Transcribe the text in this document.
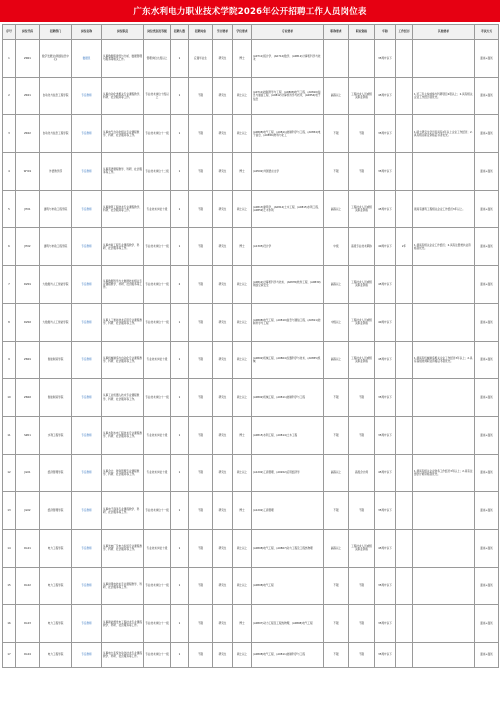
广东水利电力职业技术学院2026年公开招聘工作人员岗位表
序号	岗位代码	招聘部门	岗位名称	岗位职责	岗位类别及等级	招聘人数	招聘对象	学历要求	学位要求	专业要求	职称要求	职业资格	年龄	工作经历	其他要求	考试方式
1	ZR01	数字发展处(网络信息中心)	数据员	从事数据库建设与分析、数据管理与服务等相关工作。	管理岗位九级以上	1	应届毕业生	研究生	博士	(A0711)统计学、(A0712)数学、(A0812)计算机科学与技术			35周岁以下			面谈+面试
2	ZK01	自动化与信息工程学院	专任教师	从事自动化类相关专业课程教学、科研、社会服务等工作。	专业技术岗位十级以上	1	不限	研究生	硕士以上	(A0711)控制科学与工程、(A0808)电气工程、(A0810)信息与通信工程、(A0812)计算机科学与技术、(A0854)电子信息	副高以上	工程技术人员或相关职业资格	45周岁以下		1.近三年主持或参与科研项目2项以上；2.具有相关企业工作经历者优先。	面谈+面试
3	ZK02	自动化与信息工程学院	专任教师	从事电气自动化相关专业课程教学、科研、社会服务等工作。	专业技术岗位十一级	1	不限	研究生	硕士以上	(A0808)电气工程、(A0811)控制科学与工程、(A0854)电子信息、(A0856)材料与化工	不限	不限	35周岁以下		1.硕士研究生学历需具有2年以上企业工作经历；2.具有相关职业资格证书者优先。	面谈+面试
4	WY01	外语教学部	专任教师	从事英语课程教学、科研、社会服务等工作。	专业技术岗位十二级	1	不限	研究生	博士	(A0502)外国语言文学	不限	不限	35周岁以下			面谈+面试
5	JH01	建筑与市政工程学院	专任教师	从事建筑工程技术专业课程教学、科研、社会服务等工作。	专业技术岗位十级	1	不限	研究生	硕士以上	(A0813)建筑学、(A0814)土木工程、(A0815)水利工程、(A0859)土木水利	副高以上	工程技术人员或相关职业资格	45周岁以下		须具有建筑工程相关企业工作经历3年以上。	面谈+面试
6	JH02	建筑与市政工程学院	专任教师	从事市政工程专业课程教学、科研、社会服务等工作。	专业技术岗位十一级	1	不限	研究生	博士	(A1305)设计学	中级	高级专业技术职称	40周岁以下	2年	1.须具有相关企业工作经历；2.具有注册类执业资格者优先。	面谈+面试
7	DZ01	大数据与人工智能学院	专任教师	从事数据科学与大数据技术相关专业课程教学、科研、社会服务等工作。	专业技术岗位十一级	2	不限	研究生	硕士以上	(A0812)计算机科学与技术、(A0835)软件工程、(A0839)网络空间安全	副高以上	工程技术人员或相关职业资格	45周岁以下			面谈+面试
8	DZ02	大数据与人工智能学院	专任教师	从事人工智能技术应用专业课程教学、科研、社会服务等工作。	专业技术岗位十一级	1	不限	研究生	硕士以上	(A0808)电气工程、(A0810)信息与通信工程、(A0811)控制科学与工程	中级以上	工程技术人员或相关职业资格	40周岁以下			面谈+面试
9	ZN01	智能制造学院	专任教师	从事机械制造与自动化专业课程教学、科研、社会服务等工作。	专业技术岗位十级	1	不限	研究生	硕士以上	(A0802)机械工程、(A0804)仪器科学与技术、(A0855)机械	副高以上	工程技术人员或相关职业资格	45周岁以下		1.须具有机械制造相关企业工作经历3年以上；2.具有高级技师职业资格证书者优先。	面谈+面试
10	ZN02	智能制造学院	专任教师	从事工业机器人技术专业课程教学、科研、社会服务等工作。	专业技术岗位十一级	1	不限	研究生	硕士以上	(A0802)机械工程、(A0811)控制科学与工程	不限	不限	35周岁以下			面谈+面试
11	SZ01	水利工程学院	专任教师	从事水利水电工程技术专业课程教学、科研、社会服务等工作。	专业技术岗位十级	1	不限	研究生	博士	(A0815)水利工程、(A0814)土木工程	不限	不限	35周岁以下			面谈+面试
12	JG01	经济管理学院	专任教师	从事会计、财务管理专业课程教学、科研、社会服务等工作。	专业技术岗位十级	1	不限	研究生	硕士以上	(A1202)工商管理、(A0202)应用经济学	副高以上	高级会计师	45周岁以下		1.须具有相关企业财务工作经历3年以上；2.具有注册会计师资格者优先。	面谈+面试
13	JG02	经济管理学院	专任教师	从事电子商务专业课程教学、科研、社会服务等工作。	专业技术岗位十一级	1	不限	研究生	博士	(A1202)工商管理	不限	不限	35周岁以下			面谈+面试
14	DL01	电力工程学院	专任教师	从事发电厂及电力系统专业课程教学、科研、社会服务等工作。	专业技术岗位十级	1	不限	研究生	硕士以上	(A0808)电气工程、(A0807)动力工程及工程热物理	副高以上	工程技术人员或相关职业资格	45周岁以下			面谈+面试
15	DL02	电力工程学院	专任教师	从事供用电技术专业课程教学、科研、社会服务等工作。	专业技术岗位十一级	1	不限	研究生	硕士以上	(A0808)电气工程	不限	不限	35周岁以下			面谈+面试
16	DL03	电力工程学院	专任教师	从事新能源发电工程技术专业课程教学、科研、社会服务等工作。	专业技术岗位十一级	1	不限	研究生	博士	(A0807)动力工程及工程热物理、(A0808)电气工程	不限	不限	35周岁以下			面谈+面试
17	DL04	电力工程学院	专任教师	从事电力系统自动化技术专业课程教学、科研、社会服务等工作。	专业技术岗位十一级	1	不限	研究生	硕士以上	(A0808)电气工程、(A0811)控制科学与工程	不限	不限	35周岁以下			面谈+面试
